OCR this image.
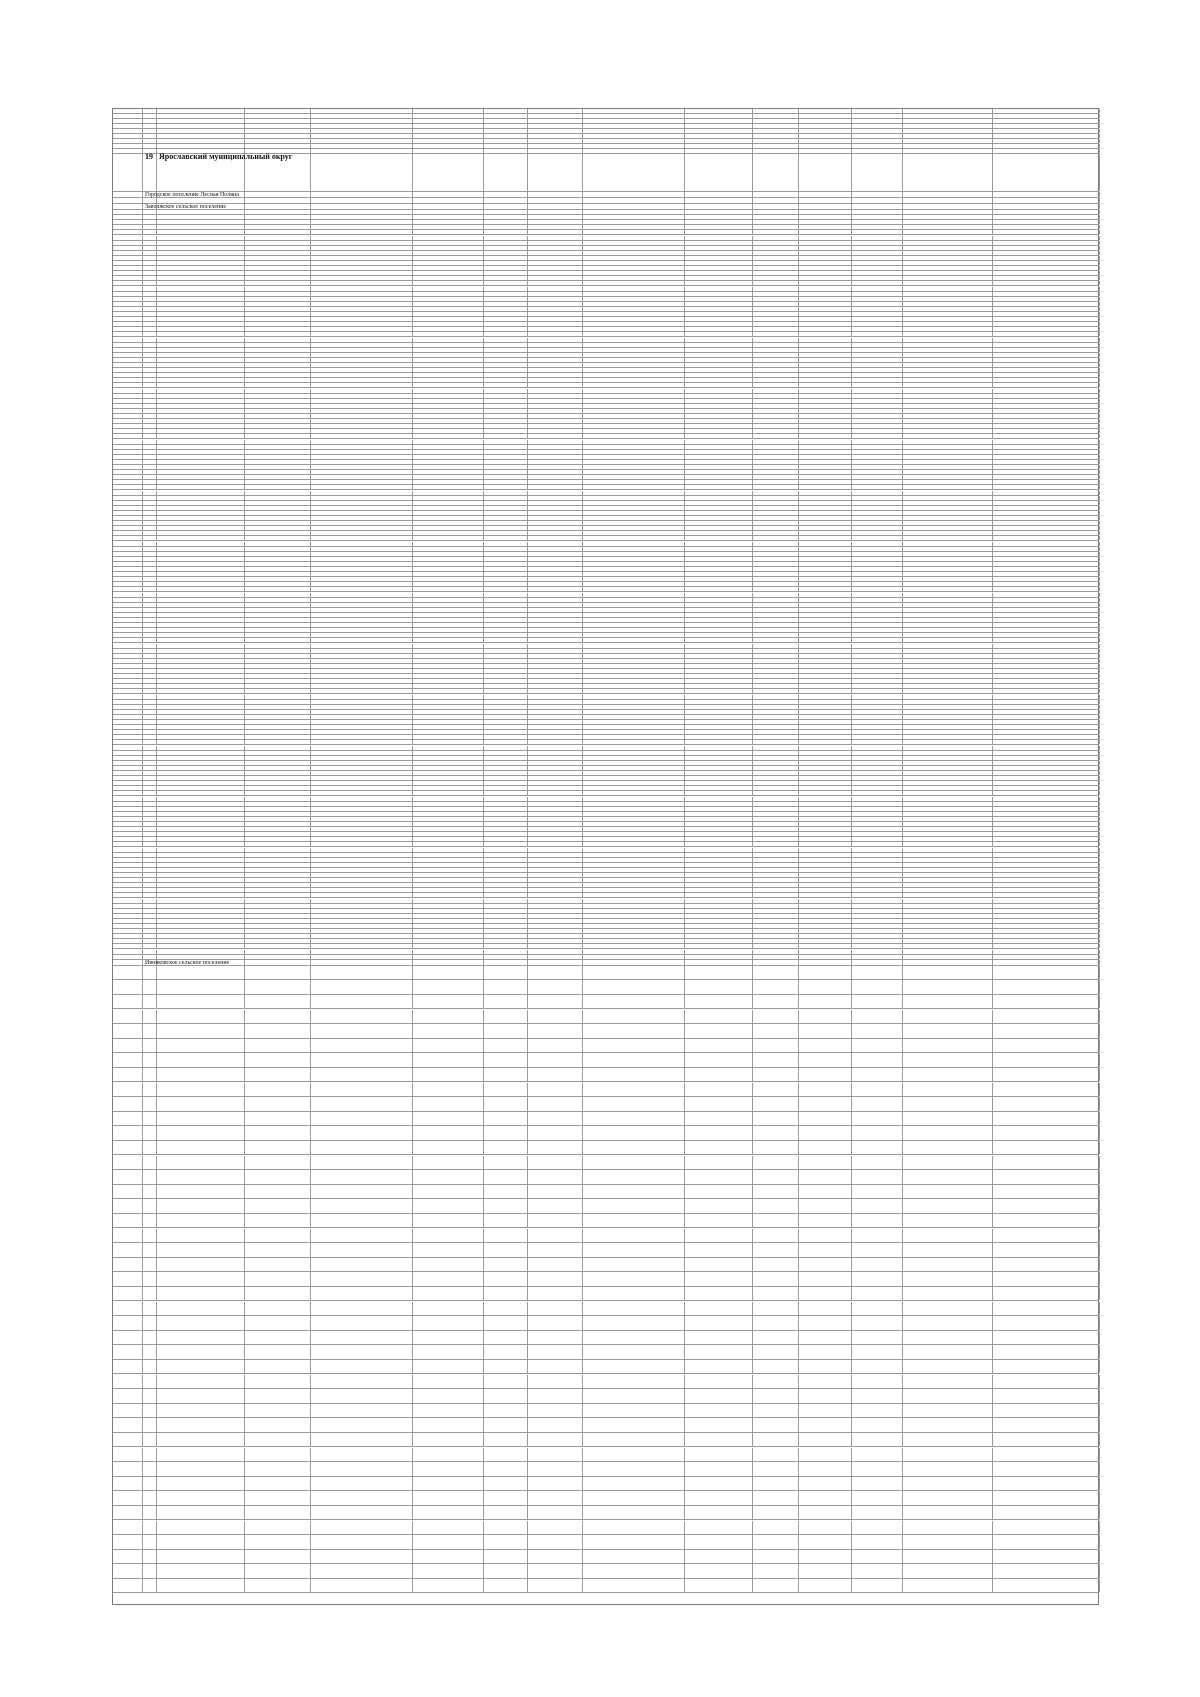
19 Ярославский муниципальный округ
Городское поселение Лесная Поляна
Заволжское сельское поселение
Ивняковское сельское поселение
